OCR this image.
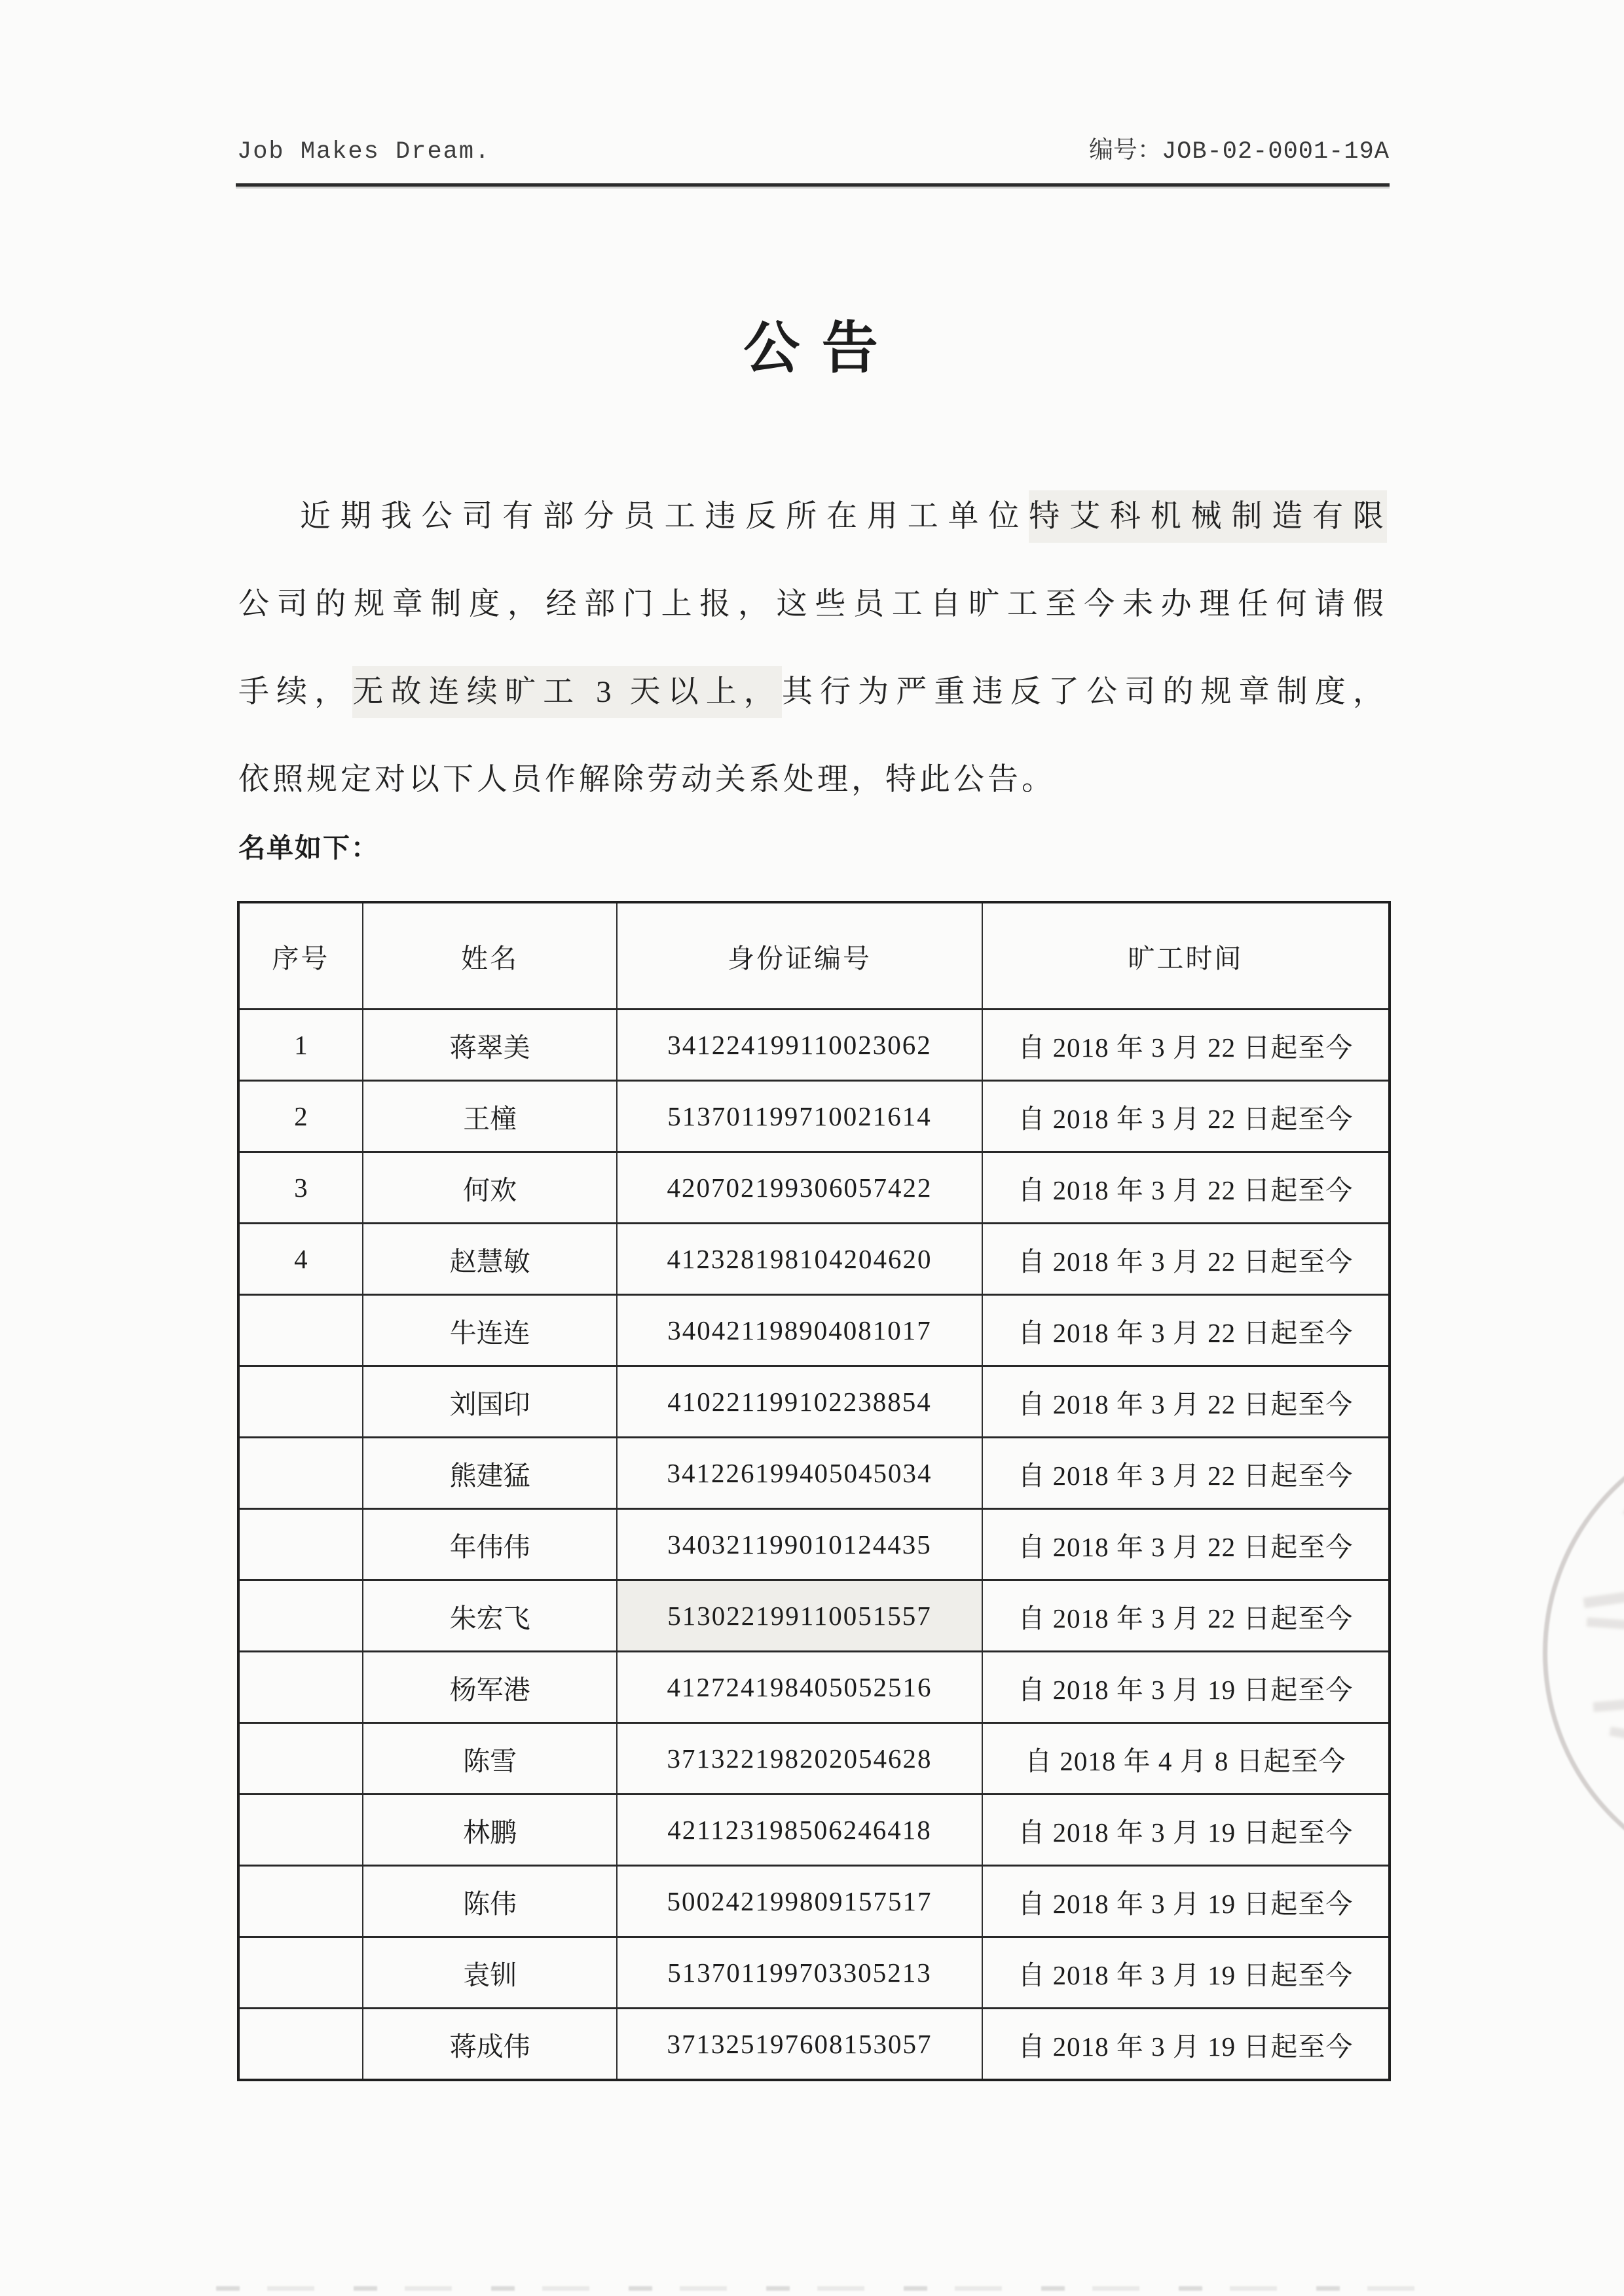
Job Makes Dream.	编号：JOB-02-0001-19A
公 告
近期我公司有部分员工违反所在用工单位特艾科机械制造有限
公司的规章制度，经部门上报，这些员工自旷工至今未办理任何请假
手续，无故连续旷工 3 天以上，其行为严重违反了公司的规章制度，
依照规定对以下人员作解除劳动关系处理，特此公告。
名单如下：
序号	姓名	身份证编号	旷工时间
1	蒋翠美	341224199110023062	自 2018 年 3 月 22 日起至今
2	王橦	513701199710021614	自 2018 年 3 月 22 日起至今
3	何欢	420702199306057422	自 2018 年 3 月 22 日起至今
4	赵慧敏	412328198104204620	自 2018 年 3 月 22 日起至今
	牛连连	340421198904081017	自 2018 年 3 月 22 日起至今
	刘国印	410221199102238854	自 2018 年 3 月 22 日起至今
	熊建猛	341226199405045034	自 2018 年 3 月 22 日起至今
	年伟伟	340321199010124435	自 2018 年 3 月 22 日起至今
	朱宏飞	513022199110051557	自 2018 年 3 月 22 日起至今
	杨军港	412724198405052516	自 2018 年 3 月 19 日起至今
	陈雪	371322198202054628	自 2018 年 4 月 8 日起至今
	林鹏	421123198506246418	自 2018 年 3 月 19 日起至今
	陈伟	500242199809157517	自 2018 年 3 月 19 日起至今
	袁钏	513701199703305213	自 2018 年 3 月 19 日起至今
	蒋成伟	371325197608153057	自 2018 年 3 月 19 日起至今
